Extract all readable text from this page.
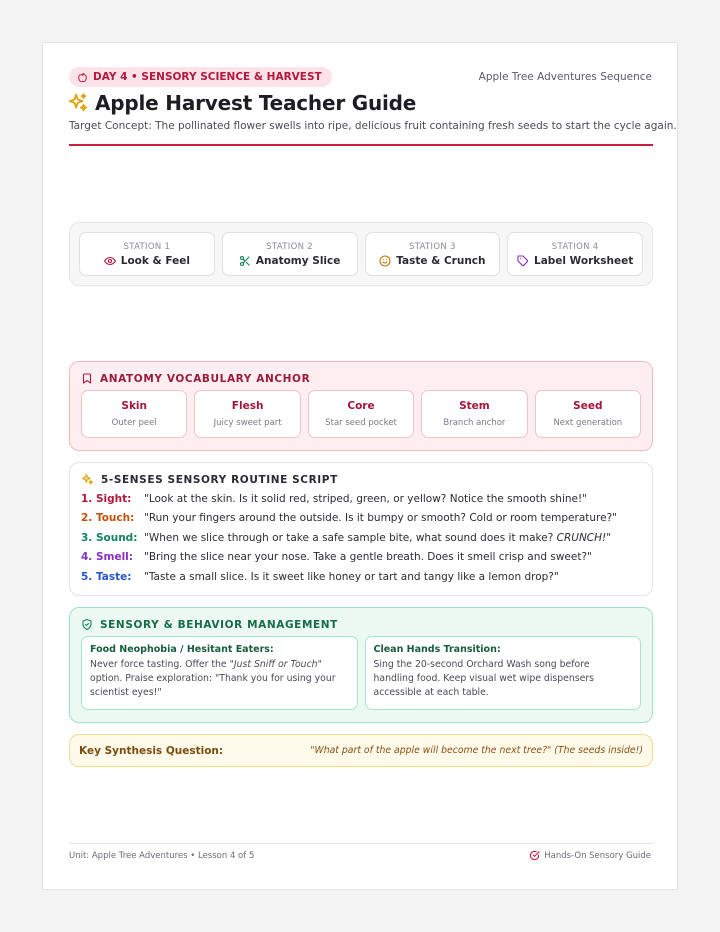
DAY 4 • SENSORY SCIENCE & HARVEST	Apple Tree Adventures Sequence
Apple Harvest Teacher Guide
Target Concept: The pollinated flower swells into ripe, delicious fruit containing fresh seeds to start the cycle again.
STATION 1
Look & Feel
STATION 2
Anatomy Slice
STATION 3
Taste & Crunch
STATION 4
Label Worksheet
ANATOMY VOCABULARY ANCHOR
Skin
Outer peel
Flesh
Juicy sweet part
Core
Star seed pocket
Stem
Branch anchor
Seed
Next generation
5-SENSES SENSORY ROUTINE SCRIPT
1. Sight:	"Look at the skin. Is it solid red, striped, green, or yellow? Notice the smooth shine!"
2. Touch: "Run your fingers around the outside. Is it bumpy or smooth? Cold or room temperature?"
3. Sound: "When we slice through or take a safe sample bite, what sound does it make? CRUNCH!"
4. Smell:	"Bring the slice near your nose. Take a gentle breath. Does it smell crisp and sweet?"
5. Taste:	"Taste a small slice. Is it sweet like honey or tart and tangy like a lemon drop?"
SENSORY & BEHAVIOR MANAGEMENT
Food Neophobia / Hesitant Eaters:
Never force tasting. Offer the "Just Sniff or Touch" option. Praise exploration: "Thank you for using your scientist eyes!"
Clean Hands Transition:
Sing the 20-second Orchard Wash song before handling food. Keep visual wet wipe dispensers accessible at each table.
Key Synthesis Question:	"What part of the apple will become the next tree?" (The seeds inside!)
Unit: Apple Tree Adventures • Lesson 4 of 5	Hands-On Sensory Guide
